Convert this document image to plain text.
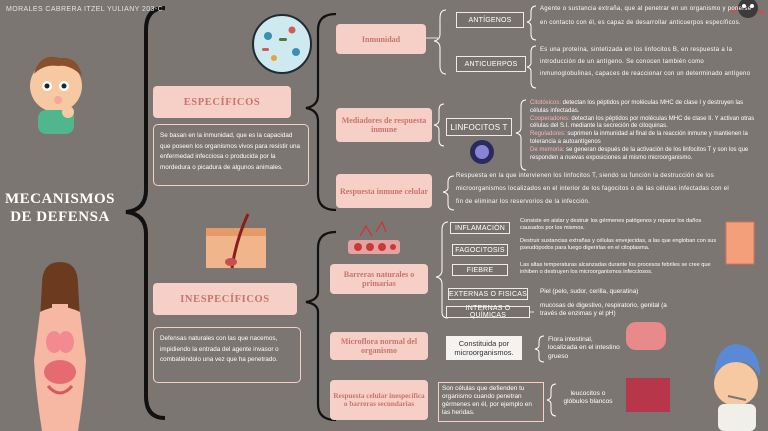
MORALES CABRERA ITZEL YULIANY 203-C
MECANISMOS
DE DEFENSA
ESPECÍFICOS
Se basan en la inmunidad, que es la capacidad que poseen los organismos vivos para resistir una enfermedad infecciosa o producida por la mordedura o picadura de algunos animales.
INESPECÍFICOS
Defensas naturales con las que nacemos, impidiendo la entrada del agente invasor o combatiéndolo una vez que ha penetrado.
Inmunidad
ANTÍGENOS
Agente o sustancia extraña, que al penetrar en un organismo y ponerse en contacto con él, es capaz de desarrollar anticuerpos específicos.
ANTICUERPOS
Es una proteína, sintetizada en los linfocitos B, en respuesta a la introducción de un antígeno. Se conocen también como inmunoglobulinas, capaces de reaccionar con un determinado antígeno
Mediadores de respuesta inmune	LINFOCITOS T
Citotóxicos: detectan los péptidos por moléculas MHC de clase I y destruyen las células infectadas.
Cooperadores: detectan los péptidos por moléculas MHC de clase II. Y activan otras células del S.I. mediante la secreción de citoquinas.
Reguladores: suprimen la inmunidad al final de la reacción inmune y mantienen la tolerancia a autoantígenos
De memoria: se generan después de la activación de los linfocitos T y son los que responden a nuevas exposiciones al mismo microorganismo.
Respuesta inmune celular
Respuesta en la que intervienen los linfocitos T, siendo su función la destrucción de los microorganismos localizados en el interior de los fagocitos o de las células infectadas con el fin de eliminar los reservorios de la infección.
Barreras naturales o primarias
INFLAMACIÓN
Consiste en aislar y destruir los gérmenes patógenos y reparar los daños causados por los mismos.
FAGOCITOSIS
Destruir sustancias extrañas y células envejecidas, a las que engloban con sus pseudópodos para luego digerirlas en el citoplasma.
FIEBRE
Las altas temperaturas alcanzadas durante los procesos febriles se cree que inhiben o destruyen los microorganismos infecciosos.
EXTERNAS O FISICAS Piel (pelo, sudor, cerilla, queratina)
INTERNAS O QUÍMICAS
mucosas de digestivo, respiratorio, genital (a través de enzimas y el pH)
Microflora normal del organismo
Constituida por microorganismos.
Flora intestinal, localizada en el intestino grueso
Respuesta celular inespecífica o barreras secundarias
Son células que defienden tu organismo cuando penetran gérmenes en él, por ejemplo en las heridas.
leucocitos o glóbulos blancos
